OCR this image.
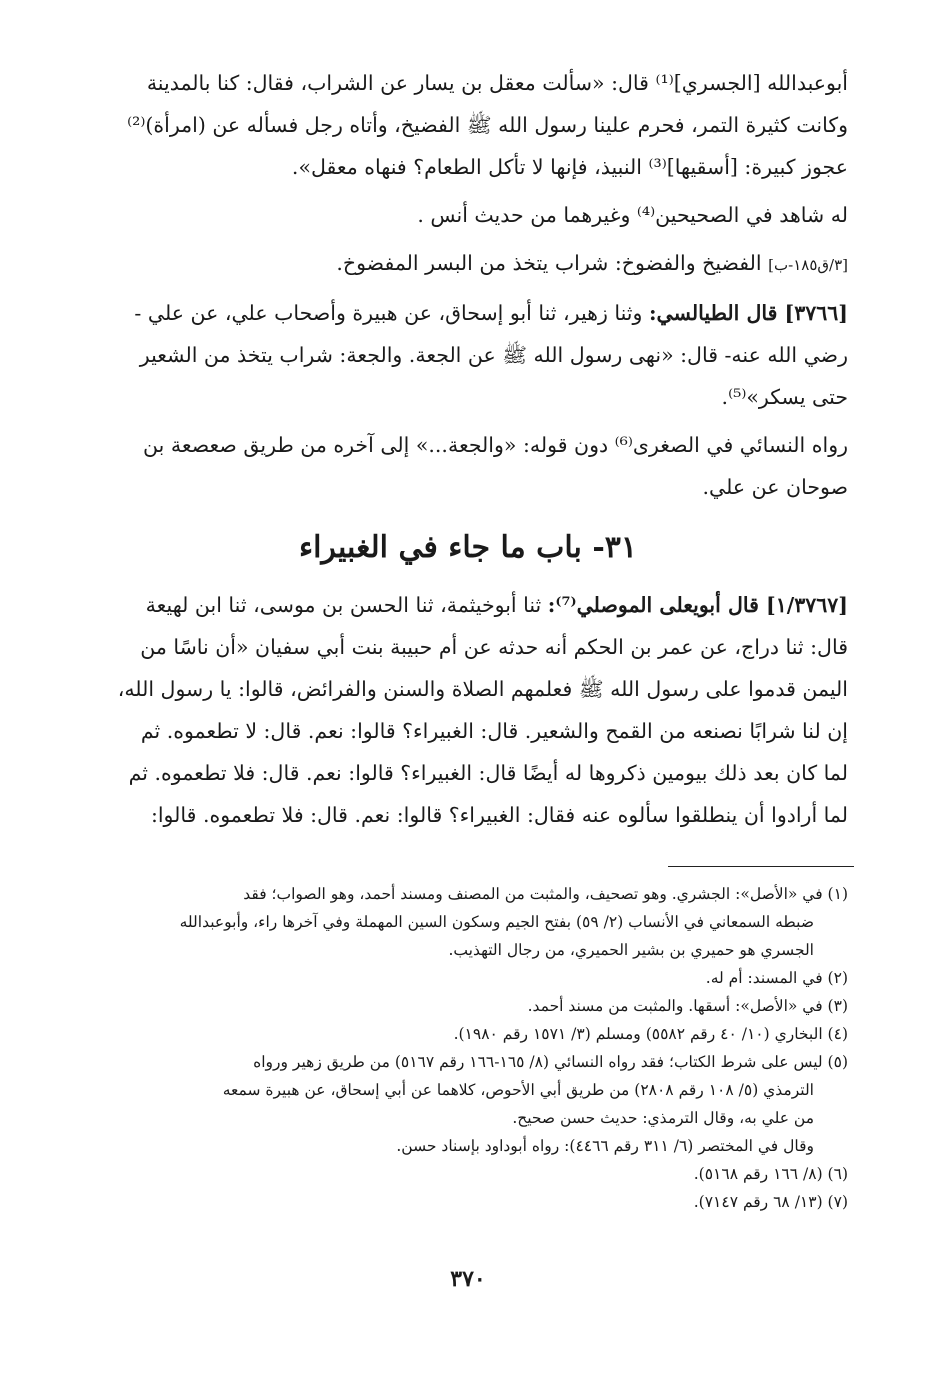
أبوعبدالله [الجسري]⁽¹⁾ قال: «سألت معقل بن يسار عن الشراب، فقال: كنا بالمدينة
وكانت كثيرة التمر، فحرم علينا رسول الله ﷺ الفضيخ، وأتاه رجل فسأله عن (امرأة)⁽²⁾
عجوز كبيرة: [أسقيها]⁽³⁾ النبيذ، فإنها لا تأكل الطعام؟ فنهاه معقل».
له شاهد في الصحيحين⁽⁴⁾ وغيرهما من حديث أنس .
[٣/ق١٨٥-ب] الفضيخ والفضوخ: شراب يتخذ من البسر المفضوخ.
[٣٧٦٦] قال الطيالسي: وثنا زهير، ثنا أبو إسحاق، عن هبيرة وأصحاب علي، عن علي -
رضي الله عنه- قال: «نهى رسول الله ﷺ عن الجعة. والجعة: شراب يتخذ من الشعير
حتى يسكر»⁽⁵⁾.
رواه النسائي في الصغرى⁽⁶⁾ دون قوله: «والجعة...» إلى آخره من طريق صعصعة بن
صوحان عن علي.
٣١- باب ما جاء في الغبيراء
[١/٣٧٦٧] قال أبويعلى الموصلي⁽⁷⁾: ثنا أبوخيثمة، ثنا الحسن بن موسى، ثنا ابن لهيعة
قال: ثنا دراج، عن عمر بن الحكم أنه حدثه عن أم حبيبة بنت أبي سفيان «أن ناسًا من
اليمن قدموا على رسول الله ﷺ فعلمهم الصلاة والسنن والفرائض، قالوا: يا رسول الله،
إن لنا شرابًا نصنعه من القمح والشعير. قال: الغبيراء؟ قالوا: نعم. قال: لا تطعموه. ثم
لما كان بعد ذلك بيومين ذكروها له أيضًا قال: الغبيراء؟ قالوا: نعم. قال: فلا تطعموه. ثم
لما أرادوا أن ينطلقوا سألوه عنه فقال: الغبيراء؟ قالوا: نعم. قال: فلا تطعموه. قالوا:
(١) في «الأصل»: الجشري. وهو تصحيف، والمثبت من المصنف ومسند أحمد، وهو الصواب؛ فقد
ضبطه السمعاني في الأنساب (٢/ ٥٩) بفتح الجيم وسكون السين المهملة وفي آخرها راء، وأبوعبدالله
الجسري هو حميري بن بشير الحميري، من رجال التهذيب.
(٢) في المسند: أم له.
(٣) في «الأصل»: أسقها. والمثبت من مسند أحمد.
(٤) البخاري (١٠/ ٤٠ رقم ٥٥٨٢) ومسلم (٣/ ١٥٧١ رقم ١٩٨٠).
(٥) ليس على شرط الكتاب؛ فقد رواه النسائي (٨/ ١٦٥-١٦٦ رقم ٥١٦٧) من طريق زهير ورواه
الترمذي (٥/ ١٠٨ رقم ٢٨٠٨) من طريق أبي الأحوص، كلاهما عن أبي إسحاق، عن هبيرة سمعه
من علي به، وقال الترمذي: حديث حسن صحيح.
وقال في المختصر (٦/ ٣١١ رقم ٤٤٦٦): رواه أبوداود بإسناد حسن.
(٦) (٨/ ١٦٦ رقم ٥١٦٨).
(٧) (١٣/ ٦٨ رقم ٧١٤٧).
٣٧٠
